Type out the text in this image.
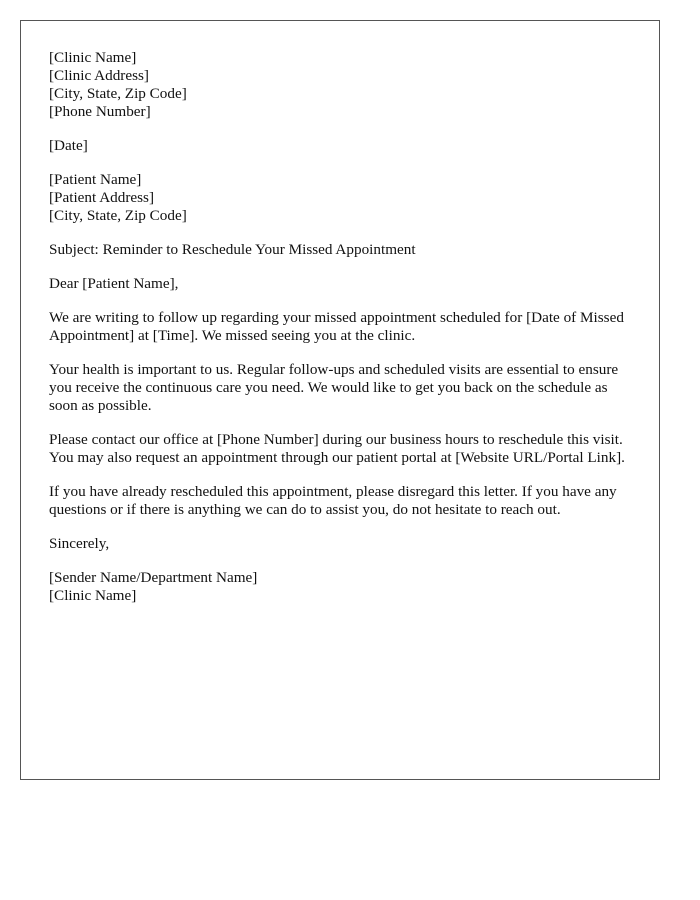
[Clinic Name]
[Clinic Address]
[City, State, Zip Code]
[Phone Number]
[Date]
[Patient Name]
[Patient Address]
[City, State, Zip Code]
Subject: Reminder to Reschedule Your Missed Appointment
Dear [Patient Name],

We are writing to follow up regarding your missed appointment scheduled for [Date of Missed Appointment] at [Time]. We missed seeing you at the clinic.

Your health is important to us. Regular follow-ups and scheduled visits are essential to ensure you receive the continuous care you need. We would like to get you back on the schedule as soon as possible.

Please contact our office at [Phone Number] during our business hours to reschedule this visit. You may also request an appointment through our patient portal at [Website URL/Portal Link].

If you have already rescheduled this appointment, please disregard this letter. If you have any questions or if there is anything we can do to assist you, do not hesitate to reach out.

Sincerely,
[Sender Name/Department Name]
[Clinic Name]
